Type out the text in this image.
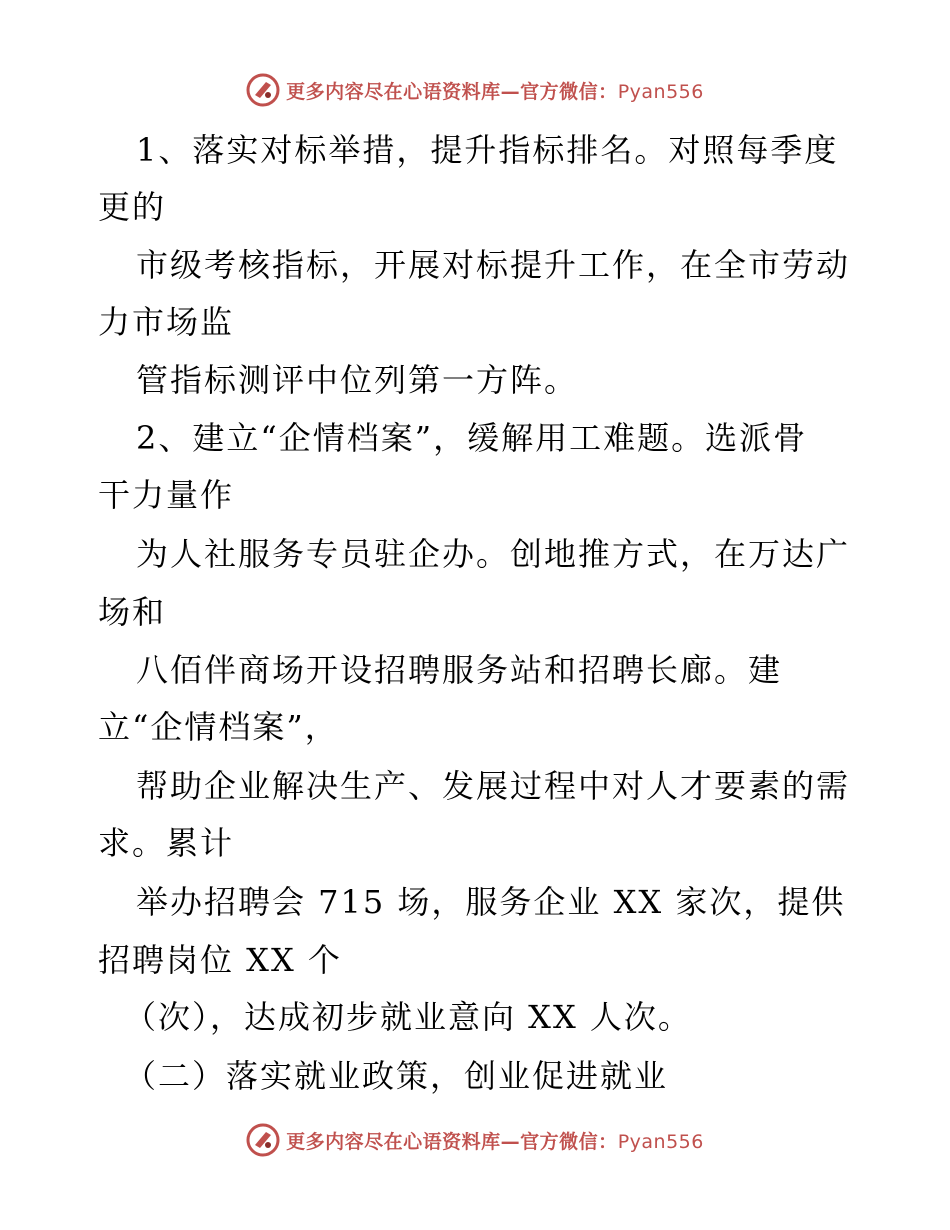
更多内容尽在心语资料库—官方微信：Pyan556
1、落实对标举措，提升指标排名。对照每季度
更的
市级考核指标，开展对标提升工作，在全市劳动
力市场监
管指标测评中位列第一方阵。
2、建立“企情档案”，缓解用工难题。选派骨
干力量作
为人社服务专员驻企办。创地推方式，在万达广
场和
八佰伴商场开设招聘服务站和招聘长廊。建
立“企情档案”，
帮助企业解决生产、发展过程中对人才要素的需
求。累计
举办招聘会 715 场，服务企业 XX 家次，提供
招聘岗位 XX 个
（次），达成初步就业意向 XX 人次。
（二）落实就业政策，创业促进就业
更多内容尽在心语资料库—官方微信：Pyan556
